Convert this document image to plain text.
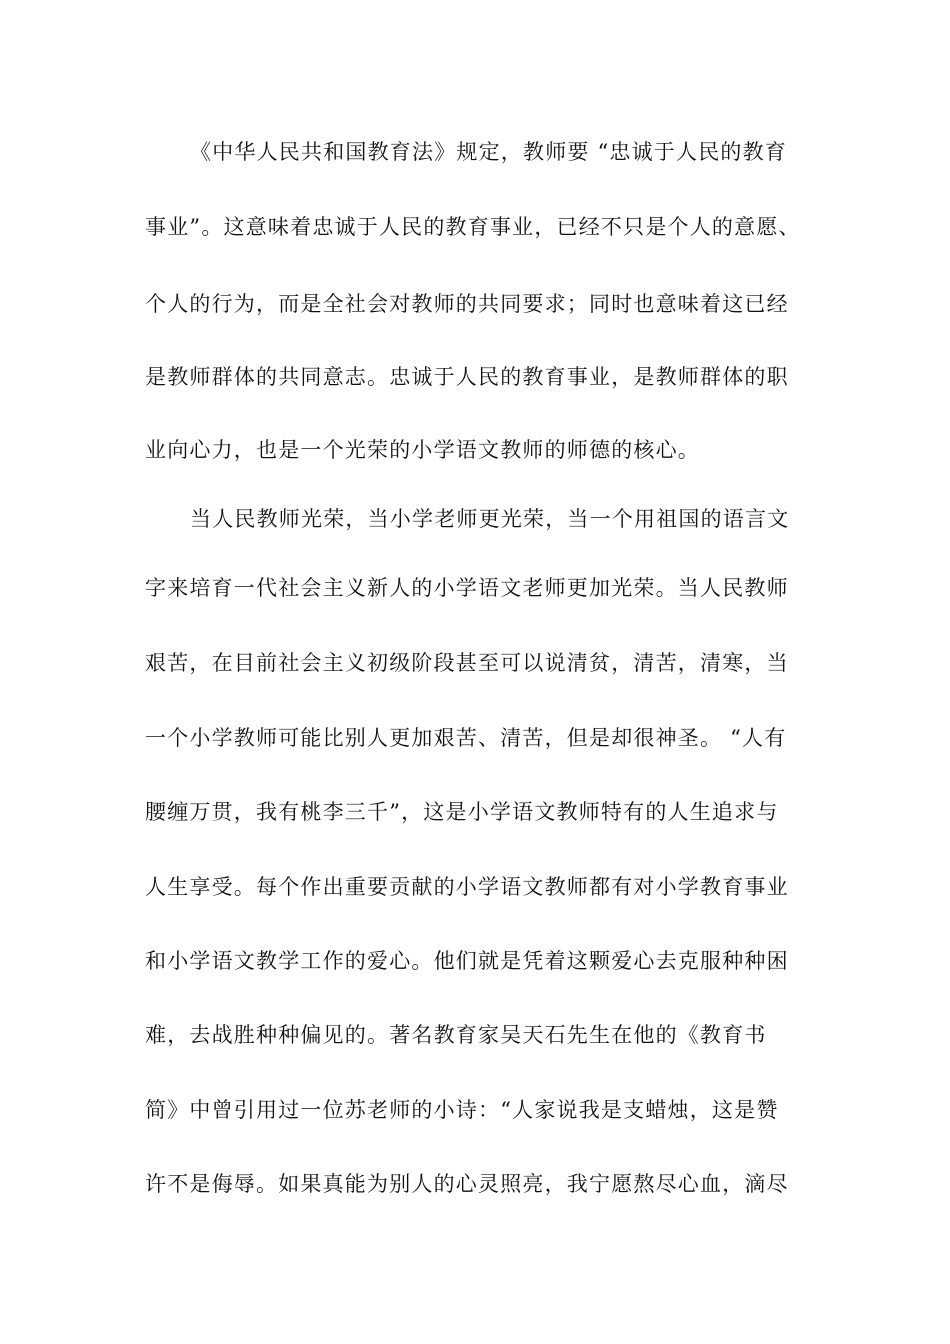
《中华人民共和国教育法》规定，教师要 “忠诚于人民的教育
事业”。这意味着忠诚于人民的教育事业，已经不只是个人的意愿、
个人的行为，而是全社会对教师的共同要求；同时也意味着这已经
是教师群体的共同意志。忠诚于人民的教育事业，是教师群体的职
业向心力，也是一个光荣的小学语文教师的师德的核心。
当人民教师光荣，当小学老师更光荣，当一个用祖国的语言文
字来培育一代社会主义新人的小学语文老师更加光荣。当人民教师
艰苦，在目前社会主义初级阶段甚至可以说清贫，清苦，清寒，当
一个小学教师可能比别人更加艰苦、清苦，但是却很神圣。 “人有
腰缠万贯，我有桃李三千”，这是小学语文教师特有的人生追求与
人生享受。每个作出重要贡献的小学语文教师都有对小学教育事业
和小学语文教学工作的爱心。他们就是凭着这颗爱心去克服种种困
难，去战胜种种偏见的。著名教育家吴天石先生在他的《教育书
简》中曾引用过一位苏老师的小诗：“人家说我是支蜡烛，这是赞
许不是侮辱。如果真能为别人的心灵照亮，我宁愿熬尽心血，滴尽
